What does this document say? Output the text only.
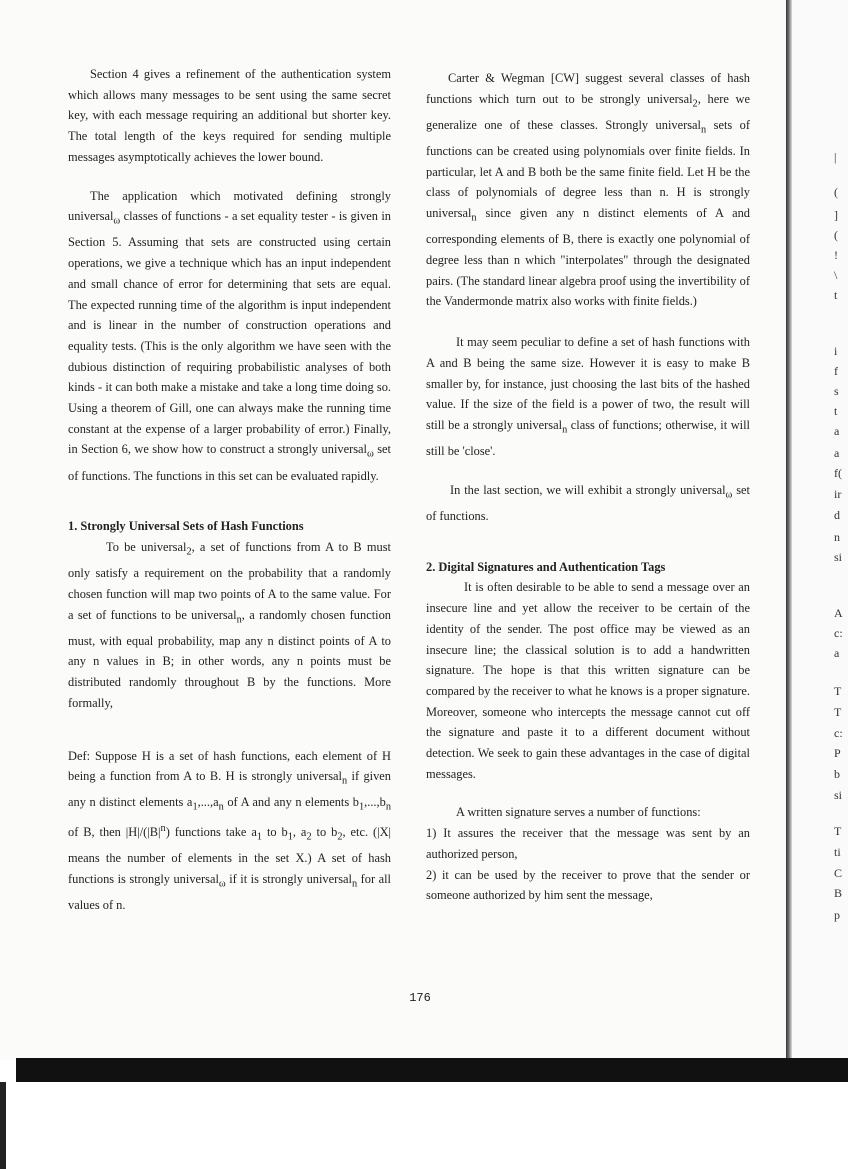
Section 4 gives a refinement of the authentication system which allows many messages to be sent using the same secret key, with each message requiring an additional but shorter key. The total length of the keys required for sending multiple messages asymptotically achieves the lower bound.

The application which motivated defining strongly universal$_\omega$ classes of functions - a set equality tester - is given in Section 5. Assuming that sets are constructed using certain operations, we give a technique which has an input independent and small chance of error for determining that sets are equal. The expected running time of the algorithm is input independent and is linear in the number of construction operations and equality tests. (This is the only algorithm we have seen with the dubious distinction of requiring probabilistic analyses of both kinds - it can both make a mistake and take a long time doing so. Using a theorem of Gill, one can always make the running time constant at the expense of a larger probability of error.) Finally, in Section 6, we show how to construct a strongly universal$_\omega$ set of functions. The functions in this set can be evaluated rapidly.

1. Strongly Universal Sets of Hash Functions

To be universal$_2$, a set of functions from A to B must only satisfy a requirement on the probability that a randomly chosen function will map two points of A to the same value. For a set of functions to be universal$_n$, a randomly chosen function must, with equal probability, map any n distinct points of A to any n values in B; in other words, any n points must be distributed randomly throughout B by the functions. More formally,

Def: Suppose H is a set of hash functions, each element of H being a function from A to B. H is strongly universal$_n$ if given any n distinct elements $a_1,...,a_n$ of A and any n elements $b_1,...,b_n$ of B, then $|H|/(|B|^n)$ functions take $a_1$ to $b_1$, $a_2$ to $b_2$, etc. (|X| means the number of elements in the set X.) A set of hash functions is strongly universal$_\omega$ if it is strongly universal$_n$ for all values of n.

Carter & Wegman [CW] suggest several classes of hash functions which turn out to be strongly universal$_2$, here we generalize one of these classes. Strongly universal$_n$ sets of functions can be created using polynomials over finite fields. In particular, let A and B both be the same finite field. Let H be the class of polynomials of degree less than n. H is strongly universal$_n$ since given any n distinct elements of A and corresponding elements of B, there is exactly one polynomial of degree less than n which "interpolates" through the designated pairs. (The standard linear algebra proof using the invertibility of the Vandermonde matrix also works with finite fields.)

It may seem peculiar to define a set of hash functions with A and B being the same size. However it is easy to make B smaller by, for instance, just choosing the last bits of the hashed value. If the size of the field is a power of two, the result will still be a strongly universal$_n$ class of functions; otherwise, it will still be 'close'.

In the last section, we will exhibit a strongly universal$_\omega$ set of functions.

2. Digital Signatures and Authentication Tags

It is often desirable to be able to send a message over an insecure line and yet allow the receiver to be certain of the identity of the sender. The post office may be viewed as an insecure line; the classical solution is to add a handwritten signature. The hope is that this written signature can be compared by the receiver to what he knows is a proper signature. Moreover, someone who intercepts the message cannot cut off the signature and paste it to a different document without detection. We seek to gain these advantages in the case of digital messages.

A written signature serves a number of functions:

1) It assures the receiver that the message was sent by an authorized person,

2) it can be used by the receiver to prove that the sender or someone authorized by him sent the message,

176
|
(
]
(
!
\
t
i
f
s
t
a
a
f(
ir
d
n
si
A
c:
a
T
T
c:
P
b
si
T
ti
C
B
p
